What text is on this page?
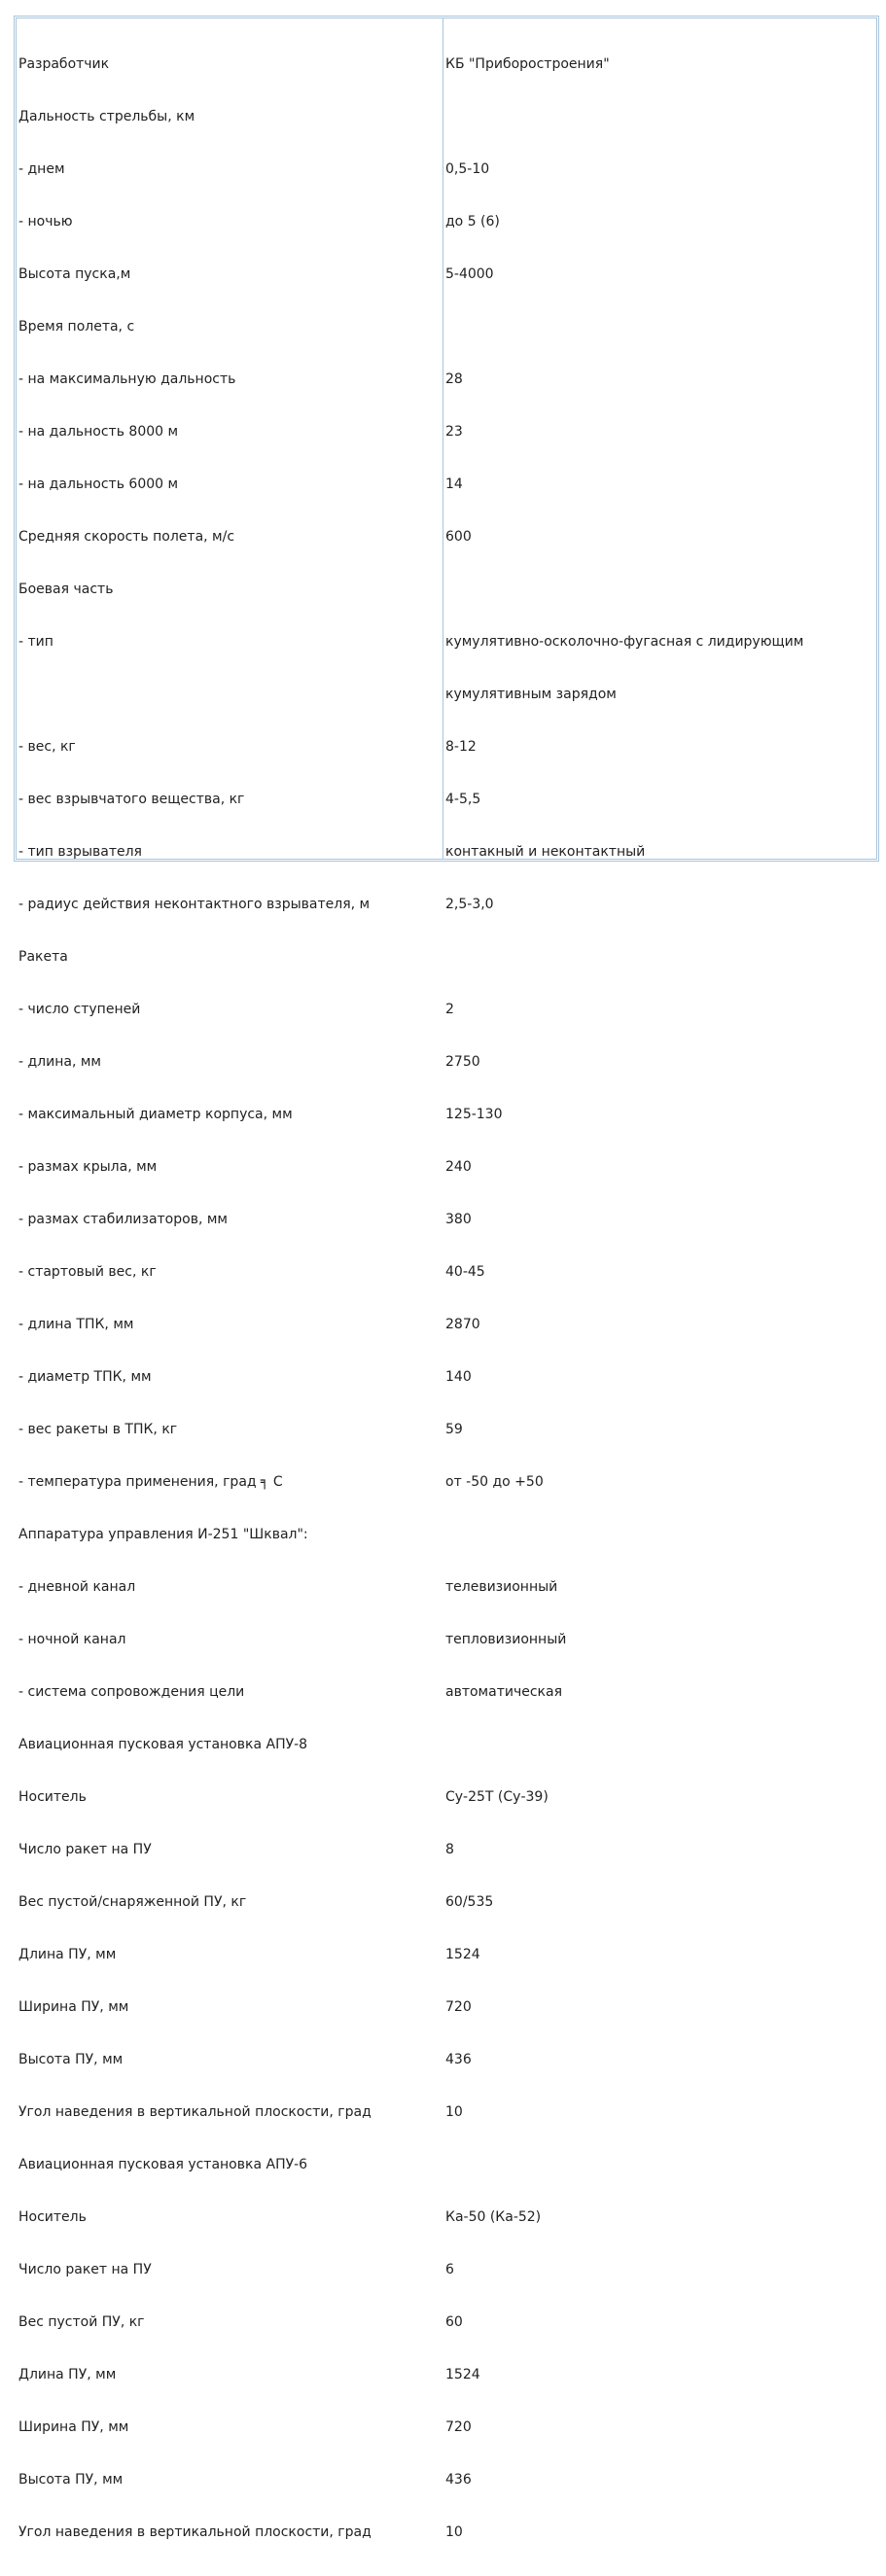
Разработчик

Дальность стрельбы, км

- днем

- ночью

Высота пуска,м

Время полета, с

- на максимальную дальность

- на дальность 8000 м

- на дальность 6000 м

Средняя скорость полета, м/с

Боевая часть

- тип

- вес, кг

- вес взрывчатого вещества, кг

- тип взрывателя

- радиус действия неконтактного взрывателя, м

Ракета

- число ступеней

- длина, мм

- максимальный диаметр корпуса, мм

- размах крыла, мм

- размах стабилизаторов, мм

- стартовый вес, кг

- длина ТПК, мм

- диаметр ТПК, мм

- вес ракеты в ТПК, кг

- температура применения, град ╕ С

Аппаратура управления И-251 "Шквал":

- дневной канал

- ночной канал

- система сопровождения цели

Авиационная пусковая установка АПУ-8

Носитель

Число ракет на ПУ

Вес пустой/снаряженной ПУ, кг

Длина ПУ, мм

Ширина ПУ, мм

Высота ПУ, мм

Угол наведения в вертикальной плоскости, град

Авиационная пусковая установка АПУ-6

Носитель

Число ракет на ПУ

Вес пустой ПУ, кг

Длина ПУ, мм

Ширина ПУ, мм

Высота ПУ, мм

Угол наведения в вертикальной плоскости, град

КБ "Приборостроения"

0,5-10

до 5 (6)

5-4000

28

23

14

600

кумулятивно-осколочно-фугасная с лидирующим

кумулятивным зарядом

8-12

4-5,5

контакный и неконтактный

2,5-3,0

2

2750

125-130

240

380

40-45

2870

140

59

от -50 до +50

телевизионный

тепловизионный

автоматическая

Су-25Т (Су-39)

8

60/535

1524

720

436

10

Ка-50 (Ка-52)

6

60

1524

720

436

10
